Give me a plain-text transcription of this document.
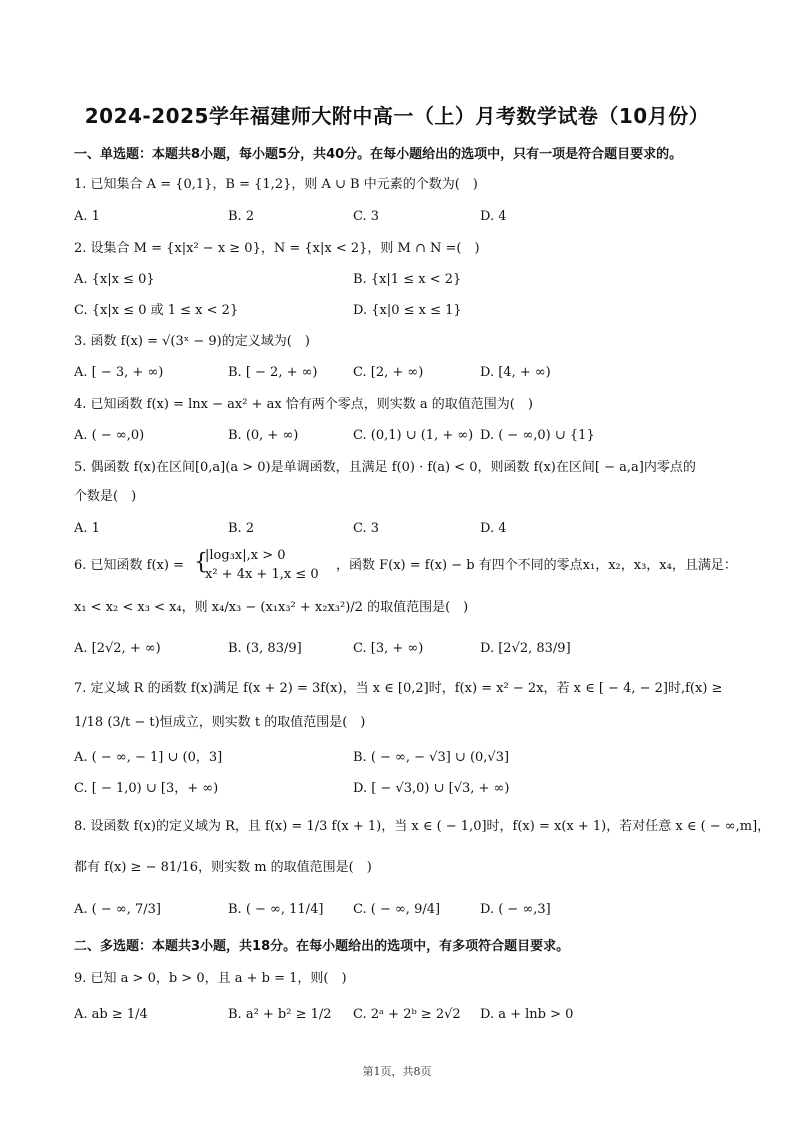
2024-2025学年福建师大附中高一（上）月考数学试卷（10月份）
一、单选题：本题共8小题，每小题5分，共40分。在每小题给出的选项中，只有一项是符合题目要求的。
1. 已知集合 A = {0,1}，B = {1,2}，则 A ∪ B 中元素的个数为(　)
A. 1	B. 2	C. 3	D. 4
2. 设集合 M = {x|x² − x ≥ 0}，N = {x|x < 2}，则 M ∩ N =(　)
A. {x|x ≤ 0}	B. {x|1 ≤ x < 2}
C. {x|x ≤ 0 或 1 ≤ x < 2}	D. {x|0 ≤ x ≤ 1}
3. 函数 f(x) = √(3ˣ − 9)的定义域为(　)
A. [ − 3, + ∞)	B. [ − 2, + ∞)	C. [2, + ∞)	D. [4, + ∞)
4. 已知函数 f(x) = lnx − ax² + ax 恰有两个零点，则实数 a 的取值范围为(　)
A. ( − ∞,0)	B. (0, + ∞)	C. (0,1) ∪ (1, + ∞) D. ( − ∞,0) ∪ {1}
5. 偶函数 f(x)在区间[0,a](a > 0)是单调函数，且满足 f(0) · f(a) < 0，则函数 f(x)在区间[ − a,a]内零点的
个数是(　)
A. 1	B. 2	C. 3	D. 4
6. 已知函数 f(x) = {
|log₃x|,x > 0
x² + 4x + 1,x ≤ 0
，函数 F(x) = f(x) − b 有四个不同的零点x₁，x₂，x₃，x₄，且满足：
x₁ < x₂ < x₃ < x₄，则 x₄/x₃ − (x₁x₃² + x₂x₃²)/2 的取值范围是(　)
A. [2√2, + ∞)	B. (3, 83/9]	C. [3, + ∞)	D. [2√2, 83/9]
7. 定义域 R 的函数 f(x)满足 f(x + 2) = 3f(x)，当 x ∈ [0,2]时，f(x) = x² − 2x，若 x ∈ [ − 4, − 2]时,f(x) ≥
1/18 (3/t − t)恒成立，则实数 t 的取值范围是(　)
A. ( − ∞, − 1] ∪ (0，3]	B. ( − ∞, − √3] ∪ (0,√3]
C. [ − 1,0) ∪ [3，+ ∞)	D. [ − √3,0) ∪ [√3, + ∞)
8. 设函数 f(x)的定义域为 R，且 f(x) = 1/3 f(x + 1)，当 x ∈ ( − 1,0]时，f(x) = x(x + 1)，若对任意 x ∈ ( − ∞,m]，
都有 f(x) ≥ − 81/16，则实数 m 的取值范围是(　)
A. ( − ∞, 7/3]	B. ( − ∞, 11/4] C. ( − ∞, 9/4]	D. ( − ∞,3]
二、多选题：本题共3小题，共18分。在每小题给出的选项中，有多项符合题目要求。
9. 已知 a > 0，b > 0，且 a + b = 1，则(　)
A. ab ≥ 1/4	B. a² + b² ≥ 1/2 C. 2ᵃ + 2ᵇ ≥ 2√2 D. a + lnb > 0
第1页，共8页
